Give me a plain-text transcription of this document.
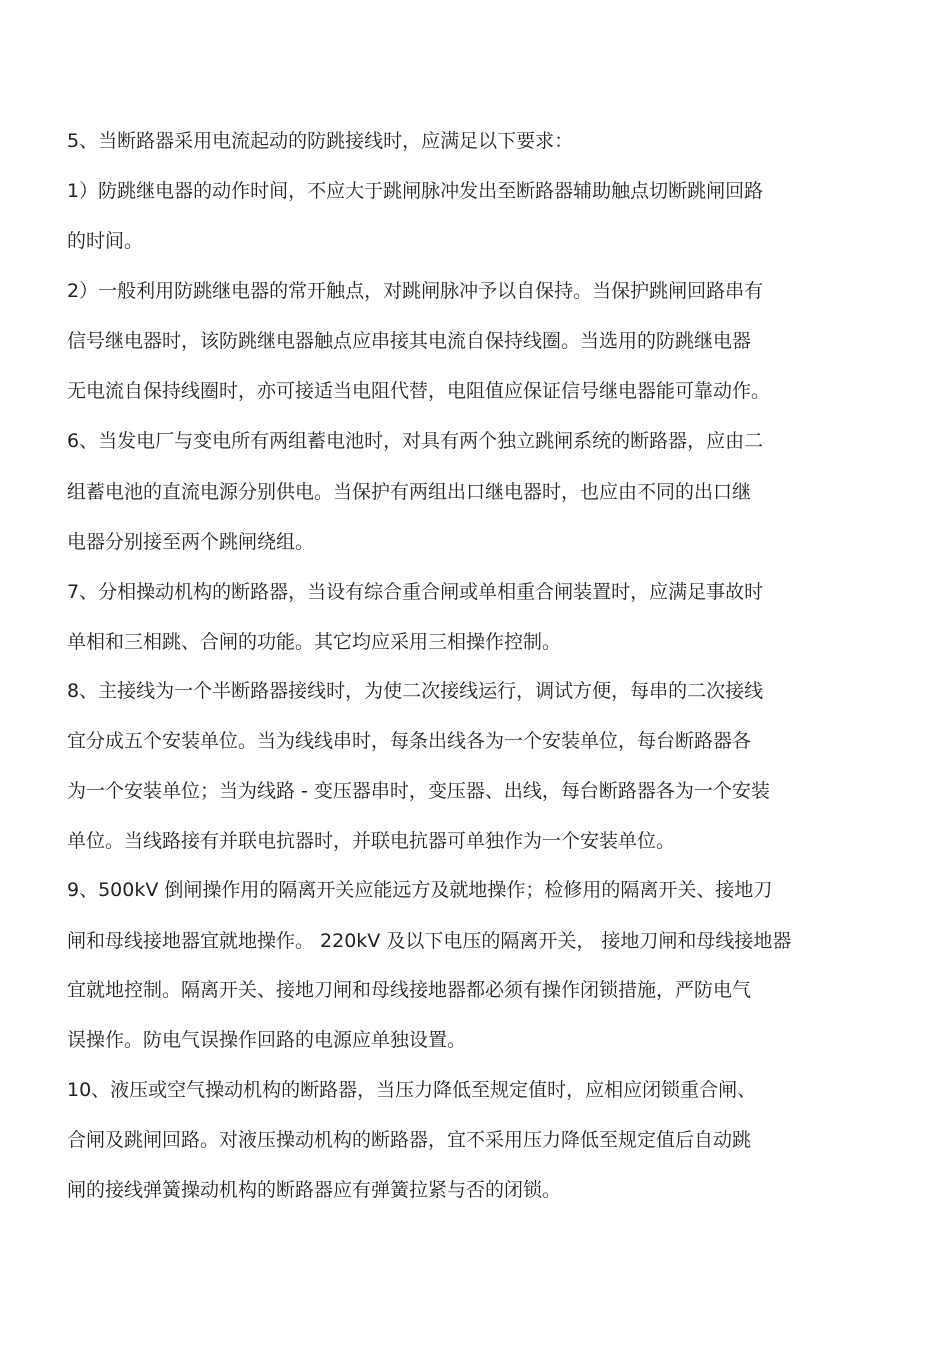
5、当断路器采用电流起动的防跳接线时，应满足以下要求：
1）防跳继电器的动作时间，不应大于跳闸脉冲发出至断路器辅助触点切断跳闸回路
的时间。
2）一般利用防跳继电器的常开触点，对跳闸脉冲予以自保持。当保护跳闸回路串有
信号继电器时，该防跳继电器触点应串接其电流自保持线圈。当选用的防跳继电器
无电流自保持线圈时，亦可接适当电阻代替，电阻值应保证信号继电器能可靠动作。
6、当发电厂与变电所有两组蓄电池时，对具有两个独立跳闸系统的断路器，应由二
组蓄电池的直流电源分别供电。当保护有两组出口继电器时，也应由不同的出口继
电器分别接至两个跳闸绕组。
7、分相操动机构的断路器，当设有综合重合闸或单相重合闸装置时，应满足事故时
单相和三相跳、合闸的功能。其它均应采用三相操作控制。
8、主接线为一个半断路器接线时，为使二次接线运行，调试方便，每串的二次接线
宜分成五个安装单位。当为线线串时，每条出线各为一个安装单位，每台断路器各
为一个安装单位；当为线路 - 变压器串时，变压器、出线，每台断路器各为一个安装
单位。当线路接有并联电抗器时，并联电抗器可单独作为一个安装单位。
9、500kV 倒闸操作用的隔离开关应能远方及就地操作；检修用的隔离开关、接地刀
闸和母线接地器宜就地操作。 220kV 及以下电压的隔离开关， 接地刀闸和母线接地器
宜就地控制。隔离开关、接地刀闸和母线接地器都必须有操作闭锁措施，严防电气
误操作。防电气误操作回路的电源应单独设置。
10、液压或空气操动机构的断路器，当压力降低至规定值时，应相应闭锁重合闸、
合闸及跳闸回路。对液压操动机构的断路器，宜不采用压力降低至规定值后自动跳
闸的接线弹簧操动机构的断路器应有弹簧拉紧与否的闭锁。
